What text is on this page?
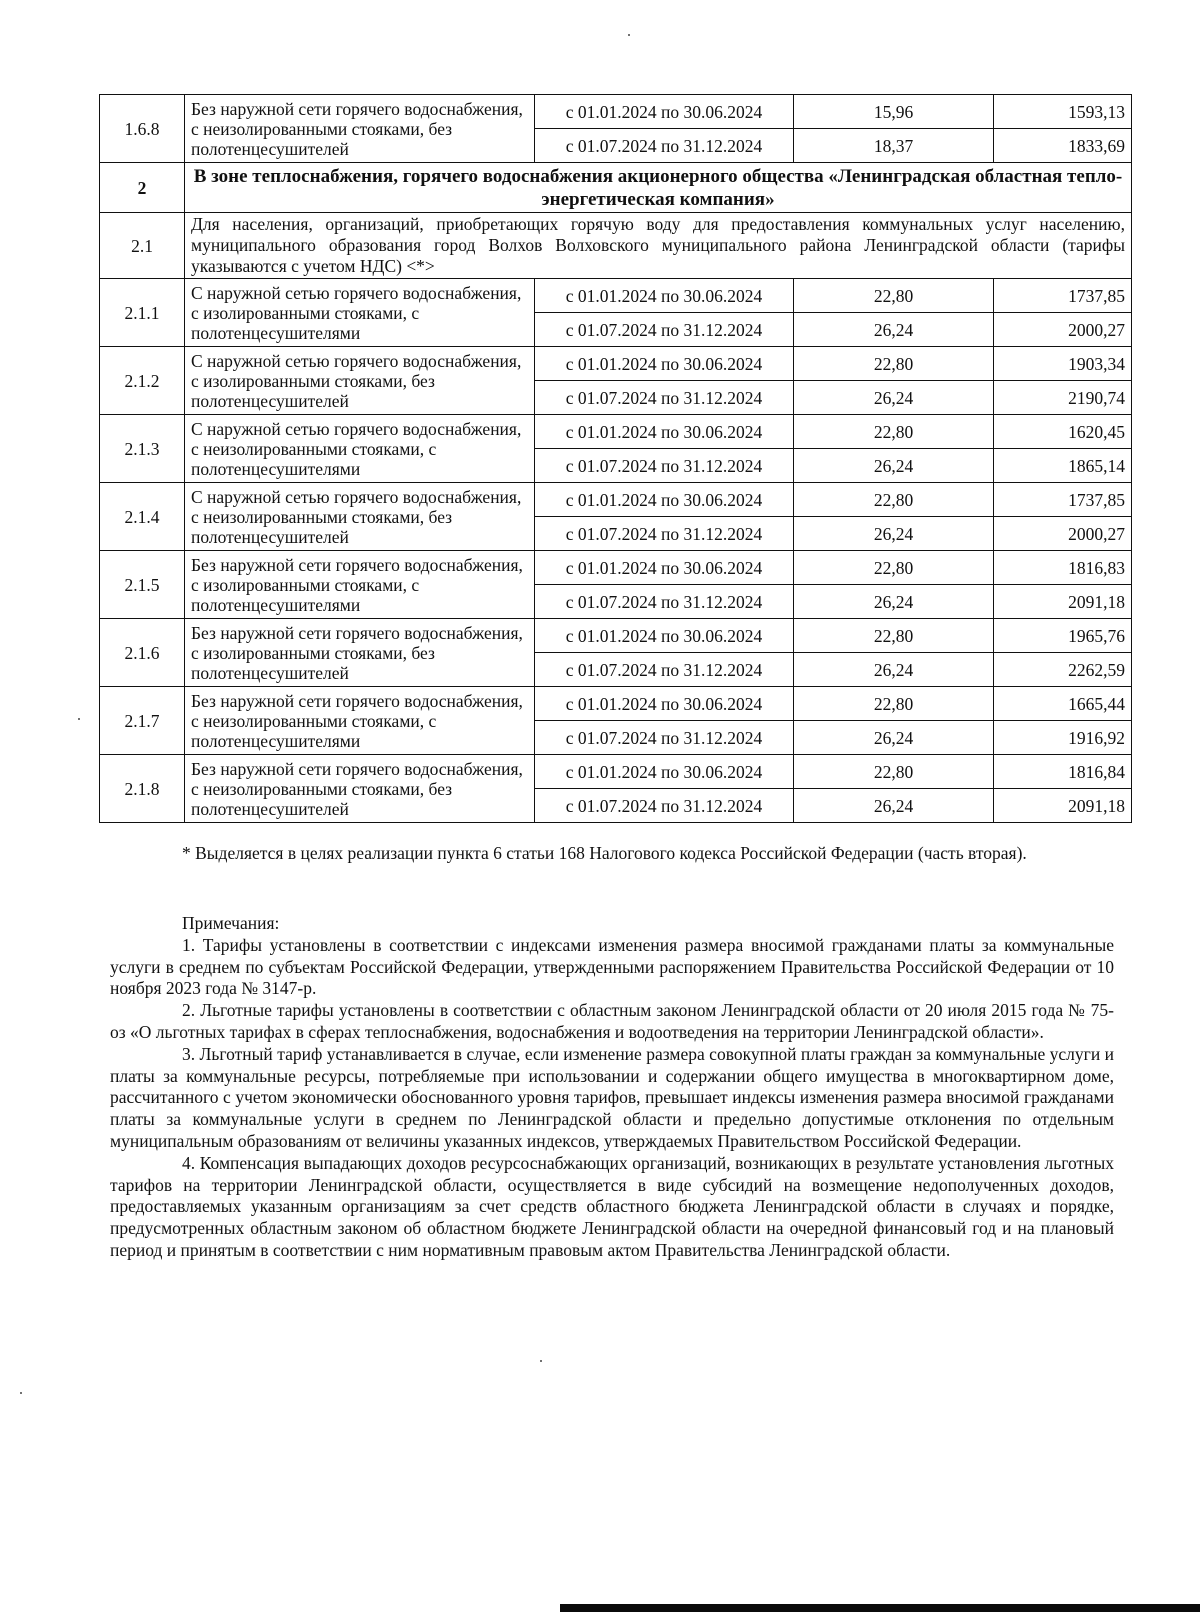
1.6.8	Без наружной сети горячего водоснабжения, с неизолированными стояками, без полотенцесушителей	с 01.01.2024 по 30.06.2024	15,96	1593,13
		с 01.07.2024 по 31.12.2024	18,37	1833,69
2	В зоне теплоснабжения, горячего водоснабжения акционерного общества «Ленинградская областная тепло-энергетическая компания»			
2.1	Для населения, организаций, приобретающих горячую воду для предоставления коммунальных услуг населению, муниципального образования город Волхов Волховского муниципального района Ленинградской области (тарифы указываются с учетом НДС) <*>			
2.1.1	С наружной сетью горячего водоснабжения, с изолированными стояками, с полотенцесушителями	с 01.01.2024 по 30.06.2024	22,80	1737,85
		с 01.07.2024 по 31.12.2024	26,24	2000,27
2.1.2	С наружной сетью горячего водоснабжения, с изолированными стояками, без полотенцесушителей	с 01.01.2024 по 30.06.2024	22,80	1903,34
		с 01.07.2024 по 31.12.2024	26,24	2190,74
2.1.3	С наружной сетью горячего водоснабжения, с неизолированными стояками, с полотенцесушителями	с 01.01.2024 по 30.06.2024	22,80	1620,45
		с 01.07.2024 по 31.12.2024	26,24	1865,14
2.1.4	С наружной сетью горячего водоснабжения, с неизолированными стояками, без полотенцесушителей	с 01.01.2024 по 30.06.2024	22,80	1737,85
		с 01.07.2024 по 31.12.2024	26,24	2000,27
2.1.5	Без наружной сети горячего водоснабжения, с изолированными стояками, с полотенцесушителями	с 01.01.2024 по 30.06.2024	22,80	1816,83
		с 01.07.2024 по 31.12.2024	26,24	2091,18
2.1.6	Без наружной сети горячего водоснабжения, с изолированными стояками, без полотенцесушителей	с 01.01.2024 по 30.06.2024	22,80	1965,76
		с 01.07.2024 по 31.12.2024	26,24	2262,59
2.1.7	Без наружной сети горячего водоснабжения, с неизолированными стояками, с полотенцесушителями	с 01.01.2024 по 30.06.2024	22,80	1665,44
		с 01.07.2024 по 31.12.2024	26,24	1916,92
2.1.8	Без наружной сети горячего водоснабжения, с неизолированными стояками, без полотенцесушителей	с 01.01.2024 по 30.06.2024	22,80	1816,84
		с 01.07.2024 по 31.12.2024	26,24	2091,18

* Выделяется в целях реализации пункта 6 статьи 168 Налогового кодекса Российской Федерации (часть вторая).

Примечания:

1. Тарифы установлены в соответствии с индексами изменения размера вносимой гражданами платы за коммунальные услуги в среднем по субъектам Российской Федерации, утвержденными распоряжением Правительства Российской Федерации от 10 ноября 2023 года № 3147-р.

2. Льготные тарифы установлены в соответствии с областным законом Ленинградской области от 20 июля 2015 года № 75-оз «О льготных тарифах в сферах теплоснабжения, водоснабжения и водоотведения на территории Ленинградской области».

3. Льготный тариф устанавливается в случае, если изменение размера совокупной платы граждан за коммунальные услуги и платы за коммунальные ресурсы, потребляемые при использовании и содержании общего имущества в многоквартирном доме, рассчитанного с учетом экономически обоснованного уровня тарифов, превышает индексы изменения размера вносимой гражданами платы за коммунальные услуги в среднем по Ленинградской области и предельно допустимые отклонения по отдельным муниципальным образованиям от величины указанных индексов, утверждаемых Правительством Российской Федерации.

4. Компенсация выпадающих доходов ресурсоснабжающих организаций, возникающих в результате установления льготных тарифов на территории Ленинградской области, осуществляется в виде субсидий на возмещение недополученных доходов, предоставляемых указанным организациям за счет средств областного бюджета Ленинградской области в случаях и порядке, предусмотренных областным законом об областном бюджете Ленинградской области на очередной финансовый год и на плановый период и принятым в соответствии с ним нормативным правовым актом Правительства Ленинградской области.
